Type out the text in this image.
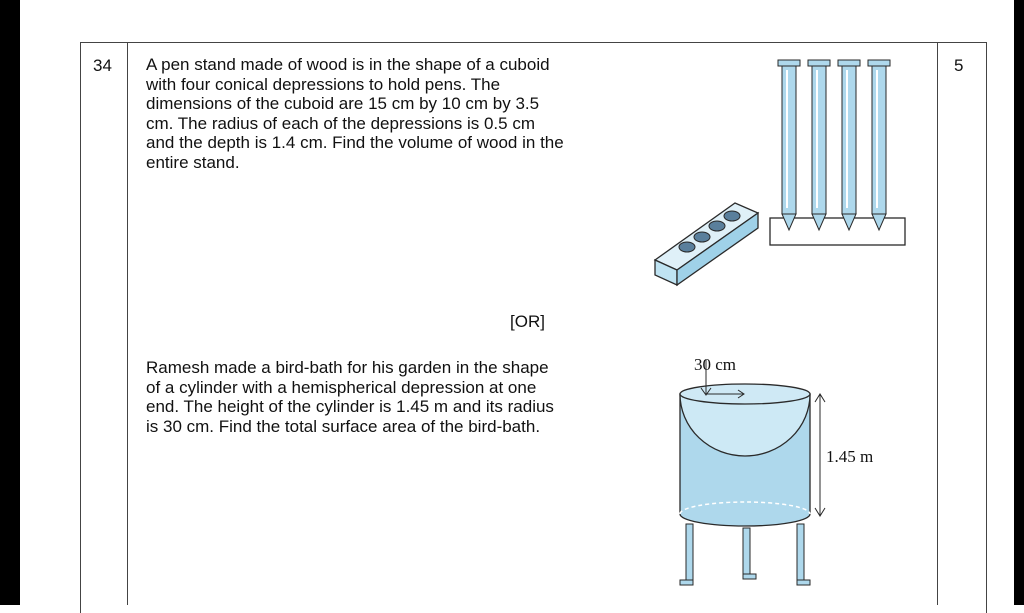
34	5
A pen stand made of wood is in the shape of a cuboid
with four conical depressions to hold pens. The
dimensions of the cuboid are 15 cm by 10 cm by 3.5
cm. The radius of each of the depressions is 0.5 cm
and the depth is 1.4 cm. Find the volume of wood in the
entire stand.
[OR]
Ramesh made a bird-bath for his garden in the shape
of a cylinder with a hemispherical depression at one
end. The height of the cylinder is 1.45 m and its radius
is 30 cm. Find the total surface area of the bird-bath.
30 cm
1.45 m
